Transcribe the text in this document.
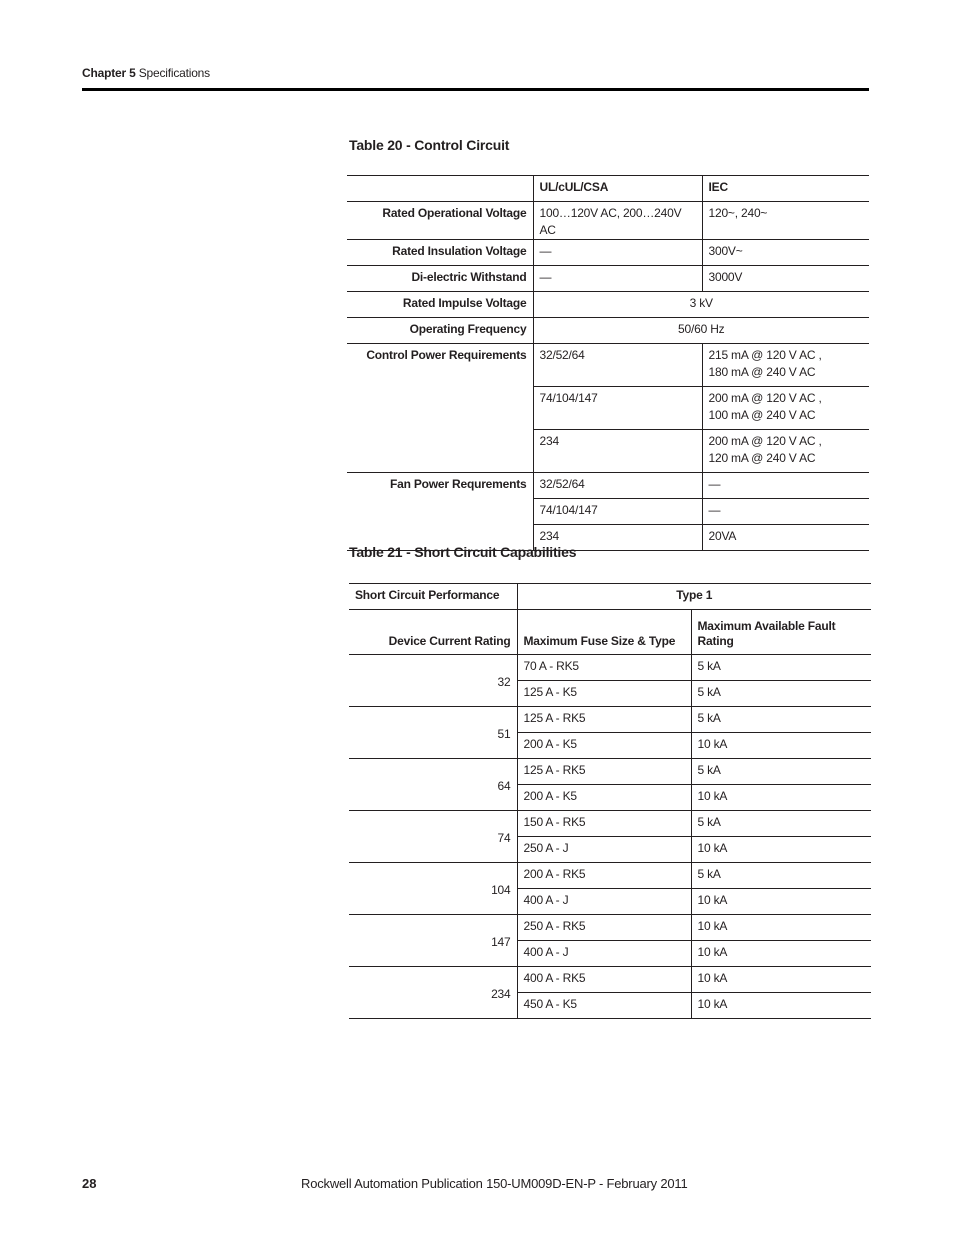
Chapter 5 Specifications
Table 20 - Control Circuit
	UL/cUL/CSA	IEC
Rated Operational Voltage	100…120V AC, 200…240V AC	120~, 240~
Rated Insulation Voltage	—	300V~
Di-electric Withstand	—	3000V
Rated Impulse Voltage	3 kV	
Operating Frequency	50/60 Hz	
Control Power Requirements	32/52/64	215 mA @ 120 V AC ,
180 mA @ 240 V AC

	74/104/147	200 mA @ 120 V AC ,
100 mA @ 240 V AC

	234	200 mA @ 120 V AC ,
120 mA @ 240 V AC

Fan Power Requrements	32/52/64	—
	74/104/147	—
	234	20VA
Table 21 - Short Circuit Capabilities
Short Circuit Performance	Type 1	
Device Current Rating	Maximum Fuse Size & Type	Maximum Available Fault Rating
32	70 A - RK5	5 kA
	125 A - K5	5 kA
51	125 A - RK5	5 kA
	200 A - K5	10 kA
64	125 A - RK5	5 kA
	200 A - K5	10 kA
74	150 A - RK5	5 kA
	250 A - J	10 kA
104	200 A - RK5	5 kA
	400 A - J	10 kA
147	250 A - RK5	10 kA
	400 A - J	10 kA
234	400 A - RK5	10 kA
	450 A - K5	10 kA
28	Rockwell Automation Publication 150-UM009D-EN-P - February 2011
